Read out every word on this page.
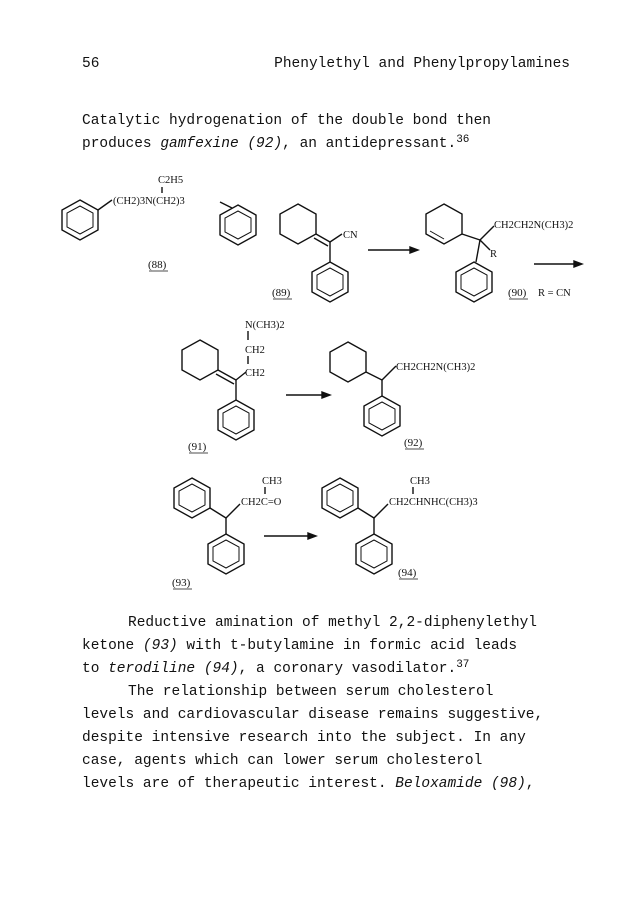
56	Phenylethyl and Phenylpropylamines

Catalytic hydrogenation of the double bond then
produces gamfexine (92), an antidepressant.$^{36}$

(CH2)3N(CH2)3
C2H5
(88)
CN
(89)
CH2CH2N(CH3)2
R
(90) R = CN
N(CH3)2
CH2
CH2
(91)
CH2CH2N(CH3)2
(92)
CH2C=O
CH3
(93)
CH2CHNHC(CH3)3
CH3
(94)

Reductive amination of methyl 2,2-diphenylethyl
ketone (93) with t-butylamine in formic acid leads
to terodiline (94), a coronary vasodilator.$^{37}$

The relationship between serum cholesterol
levels and cardiovascular disease remains suggestive,
despite intensive research into the subject. In any
case, agents which can lower serum cholesterol
levels are of therapeutic interest. Beloxamide (98),
